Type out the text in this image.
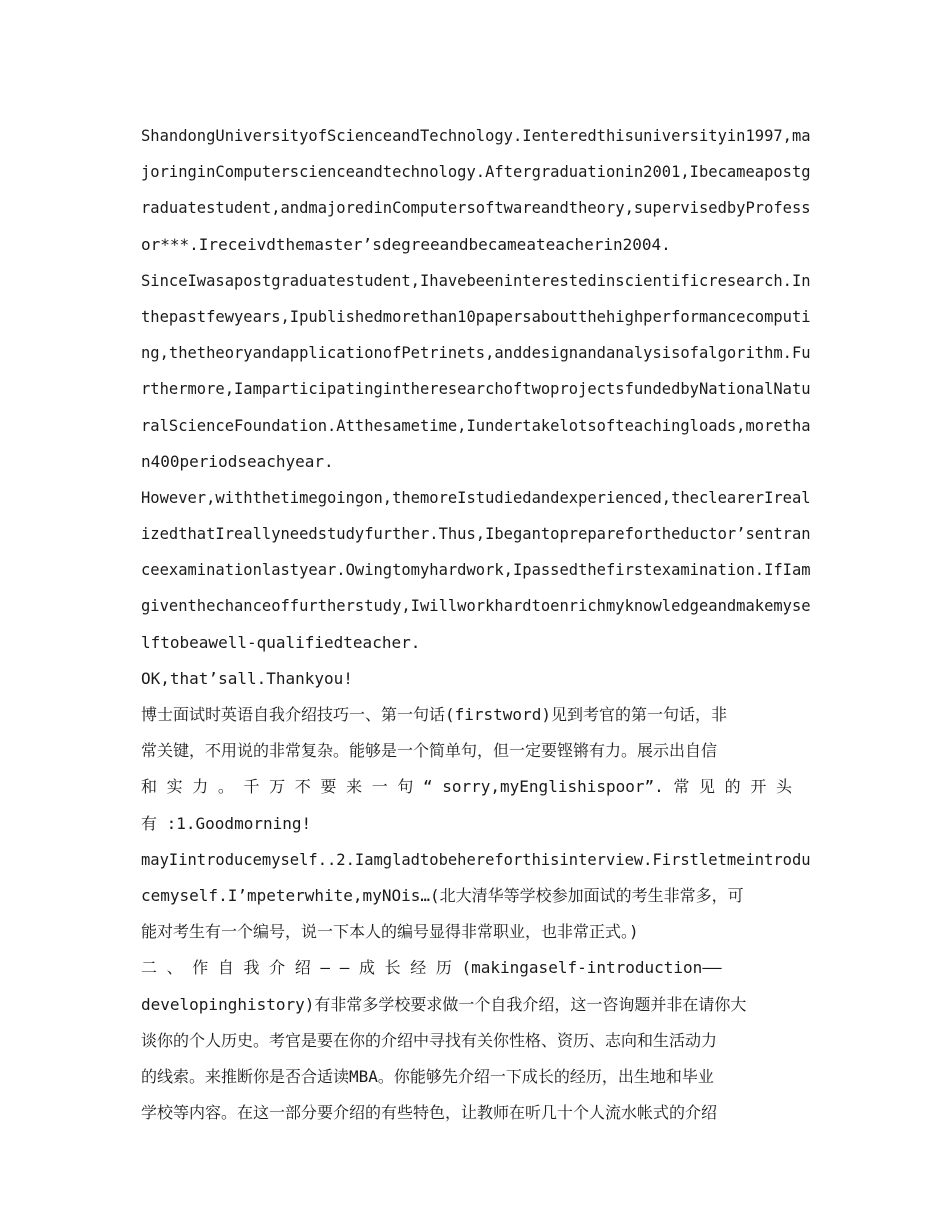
ShandongUniversityofScienceandTechnology.Ienteredthisuniversityin1997,ma
joringinComputerscienceandtechnology.Aftergraduationin2001,Ibecameapostg
raduatestudent,andmajoredinComputersoftwareandtheory,supervisedbyProfess
or***.Ireceivdthemaster’sdegreeandbecameateacherin2004.
SinceIwasapostgraduatestudent,Ihavebeeninterestedinscientificresearch.In
thepastfewyears,Ipublishedmorethan10papersaboutthehighperformancecomputi
ng,thetheoryandapplicationofPetrinets,anddesignandanalysisofalgorithm.Fu
rthermore,IamparticipatingintheresearchoftwoprojectsfundedbyNationalNatu
ralScienceFoundation.Atthesametime,Iundertakelotsofteachingloads,moretha
n400periodseachyear.
However,withthetimegoingon,themoreIstudiedandexperienced,theclearerIreal
izedthatIreallyneedstudyfurther.Thus,Ibegantopreparefortheductor’sentran
ceexaminationlastyear.Owingtomyhardwork,Ipassedthefirstexamination.IfIam
giventhechanceoffurtherstudy,Iwillworkhardtoenrichmyknowledgeandmakemyse
lftobeawell-qualifiedteacher.
OK,that’sall.Thankyou!
博士面试时英语自我介绍技巧一、第一句话(firstword)见到考官的第一句话，非
常关键，不用说的非常复杂。能够是一个简单句，但一定要铿锵有力。展示出自信
和 实 力 。 千 万 不 要 来 一 句 “ sorry,myEnglishispoor”. 常 见 的 开 头
有 :1.Goodmorning!
mayIintroducemyself..2.Iamgladtobehereforthisinterview.Firstletmeintrodu
cemyself.I’mpeterwhite,myNOis…(北大清华等学校参加面试的考生非常多，可
能对考生有一个编号，说一下本人的编号显得非常职业，也非常正式。)
二 、 作 自 我 介 绍 — — 成 长 经 历 (makingaself-introduction——
developinghistory)有非常多学校要求做一个自我介绍，这一咨询题并非在请你大
谈你的个人历史。考官是要在你的介绍中寻找有关你性格、资历、志向和生活动力
的线索。来推断你是否合适读MBA。你能够先介绍一下成长的经历，出生地和毕业
学校等内容。在这一部分要介绍的有些特色，让教师在听几十个人流水帐式的介绍
